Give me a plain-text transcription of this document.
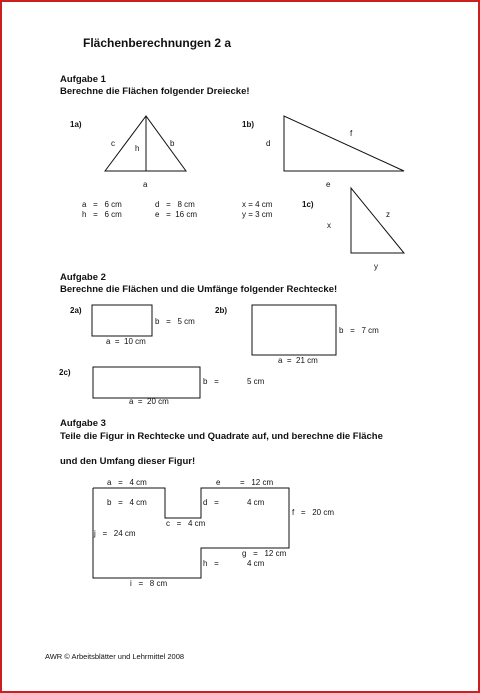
Flächenberechnungen 2 a
Aufgabe 1
Berechne die Flächen folgender Dreiecke!
1a)
c
h
b
a
1b)
d
f
e
a   =   6 cm
h   =   6 cm
d   =   8 cm
e   =  16 cm
x = 4 cm
y = 3 cm
1c)
x
z
y
Aufgabe 2
Berechne die Flächen und die Umfänge folgender Rechtecke!
2a)
b   =   5 cm
a  =  10 cm
2b)
b   =   7 cm
a  =  21 cm
2c)
b   =	5 cm
a  =  20 cm
Aufgabe 3
Teile die Figur in Rechtecke und Quadrate auf, und berechne die Fläche
und den Umfang dieser Figur!
a   =   4 cm
b   =   4 cm
c   =   4 cm
d   =	4 cm
e =   12 cm
f   =   20 cm
g   =   12 cm
h   =	4 cm
i   =   8 cm
j   =   24 cm
AWR © Arbeitsblätter und Lehrmittel 2008
